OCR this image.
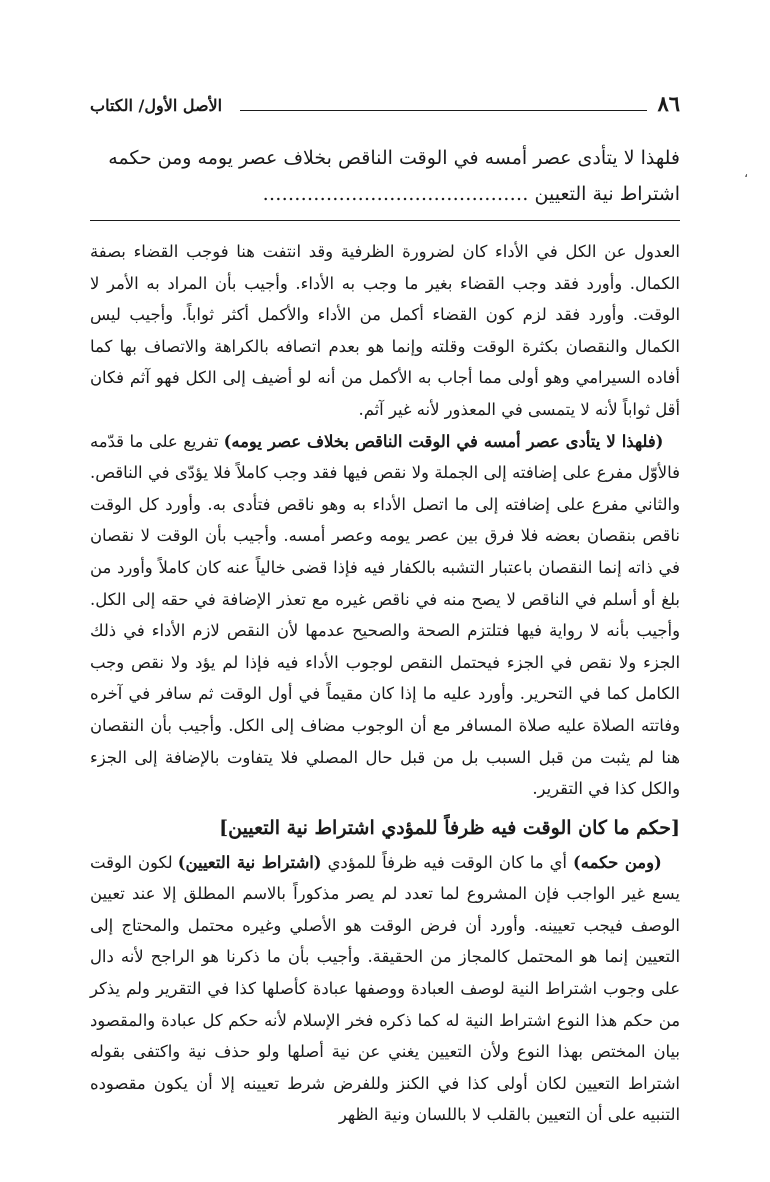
٨٦
الأصل الأول/ الكتاب
،
فلهذا لا يتأدى عصر أمسه في الوقت الناقص بخلاف عصر يومه ومن حكمه
اشتراط نية التعيين ……………………………………

العدول عن الكل في الأداء كان لضرورة الظرفية وقد انتفت هنا فوجب القضاء بصفة الكمال. وأورد فقد وجب القضاء بغير ما وجب به الأداء. وأجيب بأن المراد به الأمر لا الوقت. وأورد فقد لزم كون القضاء أكمل من الأداء والأكمل أكثر ثواباً. وأجيب ليس الكمال والنقصان بكثرة الوقت وقلته وإنما هو بعدم اتصافه بالكراهة والاتصاف بها كما أفاده السيرامي وهو أولى مما أجاب به الأكمل من أنه لو أضيف إلى الكل فهو آثم فكان أقل ثواباً لأنه لا يتمسى في المعذور لأنه غير آثم.

(فلهذا لا يتأدى عصر أمسه في الوقت الناقص بخلاف عصر يومه) تفريع على ما قدّمه فالأوّل مفرع على إضافته إلى الجملة ولا نقص فيها فقد وجب كاملاً فلا يؤدّى في الناقص. والثاني مفرع على إضافته إلى ما اتصل الأداء به وهو ناقص فتأدى به. وأورد كل الوقت ناقص بنقصان بعضه فلا فرق بين عصر يومه وعصر أمسه. وأجيب بأن الوقت لا نقصان في ذاته إنما النقصان باعتبار التشبه بالكفار فيه فإذا قضى خالياً عنه كان كاملاً وأورد من بلغ أو أسلم في الناقص لا يصح منه في ناقص غيره مع تعذر الإضافة في حقه إلى الكل. وأجيب بأنه لا رواية فيها فتلتزم الصحة والصحيح عدمها لأن النقص لازم الأداء في ذلك الجزء ولا نقص في الجزء فيحتمل النقص لوجوب الأداء فيه فإذا لم يؤد ولا نقص وجب الكامل كما في التحرير. وأورد عليه ما إذا كان مقيماً في أول الوقت ثم سافر في آخره وفاتته الصلاة عليه صلاة المسافر مع أن الوجوب مضاف إلى الكل. وأجيب بأن النقصان هنا لم يثبت من قبل السبب بل من قبل حال المصلي فلا يتفاوت بالإضافة إلى الجزء والكل كذا في التقرير.

[حكم ما كان الوقت فيه ظرفاً للمؤدي اشتراط نية التعيين]

(ومن حكمه) أي ما كان الوقت فيه ظرفاً للمؤدي (اشتراط نية التعيين) لكون الوقت يسع غير الواجب فإن المشروع لما تعدد لم يصر مذكوراً بالاسم المطلق إلا عند تعيين الوصف فيجب تعيينه. وأورد أن فرض الوقت هو الأصلي وغيره محتمل والمحتاج إلى التعيين إنما هو المحتمل كالمجاز من الحقيقة. وأجيب بأن ما ذكرنا هو الراجح لأنه دال على وجوب اشتراط النية لوصف العبادة ووصفها عبادة كأصلها كذا في التقرير ولم يذكر من حكم هذا النوع اشتراط النية له كما ذكره فخر الإسلام لأنه حكم كل عبادة والمقصود بيان المختص بهذا النوع ولأن التعيين يغني عن نية أصلها ولو حذف نية واكتفى بقوله اشتراط التعيين لكان أولى كذا في الكنز وللفرض شرط تعيينه إلا أن يكون مقصوده التنبيه على أن التعيين بالقلب لا باللسان ونية الظهر
